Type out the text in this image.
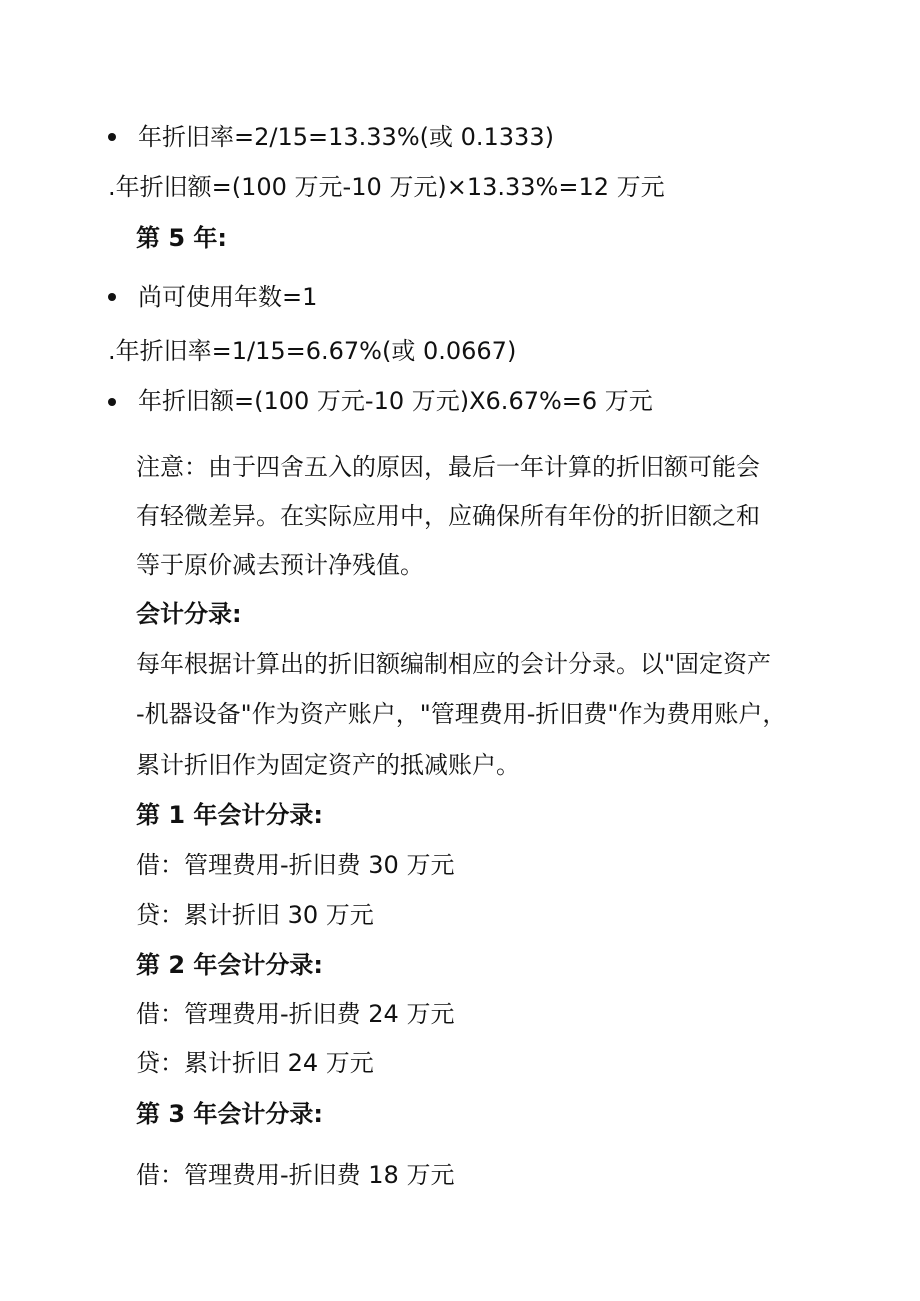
年折旧率=2/15=13.33%(或 0.1333)
.年折旧额=(100 万元-10 万元)×13.33%=12 万元
第 5 年:
尚可使用年数=1
.年折旧率=1/15=6.67%(或 0.0667)
年折旧额=(100 万元-10 万元)X6.67%=6 万元
注意：由于四舍五入的原因，最后一年计算的折旧额可能会
有轻微差异。在实际应用中，应确保所有年份的折旧额之和
等于原价减去预计净残值。
会计分录:
每年根据计算出的折旧额编制相应的会计分录。以"固定资产
-机器设备"作为资产账户，"管理费用-折旧费"作为费用账户，
累计折旧作为固定资产的抵减账户。
第 1 年会计分录:
借：管理费用-折旧费 30 万元
贷：累计折旧 30 万元
第 2 年会计分录:
借：管理费用-折旧费 24 万元
贷：累计折旧 24 万元
第 3 年会计分录:
借：管理费用-折旧费 18 万元
